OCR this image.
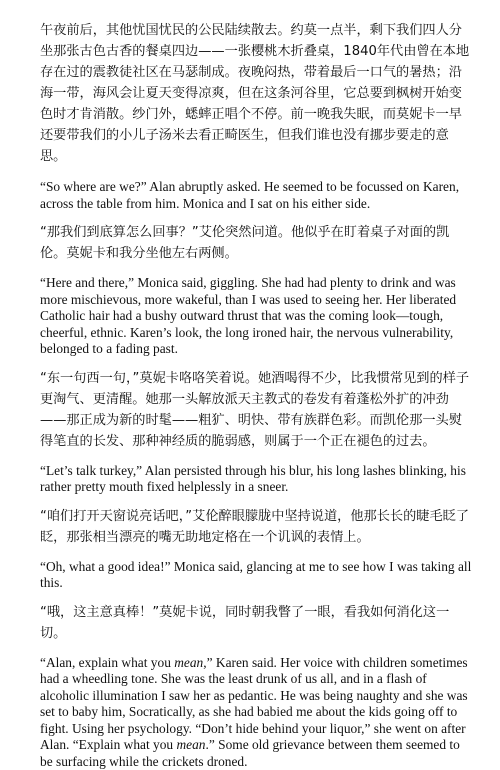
午夜前后，其他忧国忧民的公民陆续散去。约莫一点半，剩下我们四人分坐那张古色古香的餐桌四边——一张樱桃木折叠桌，1840年代由曾在本地存在过的震教徒社区在马瑟制成。夜晚闷热，带着最后一口气的暑热；沿海一带，海风会让夏天变得凉爽，但在这条河谷里，它总要到枫树开始变色时才肯消散。纱门外，蟋蟀正唱个不停。前一晚我失眠，而莫妮卡一早还要带我们的小儿子汤米去看正畸医生，但我们谁也没有挪步要走的意思。

“So where are we?” Alan abruptly asked. He seemed to be focussed on Karen, across the table from him. Monica and I sat on his either side.

“那我们到底算怎么回事？”艾伦突然问道。他似乎在盯着桌子对面的凯伦。莫妮卡和我分坐他左右两侧。

“Here and there,” Monica said, giggling. She had had plenty to drink and was more mischievous, more wakeful, than I was used to seeing her. Her liberated Catholic hair had a bushy outward thrust that was the coming look—tough, cheerful, ethnic. Karen’s look, the long ironed hair, the nervous vulnerability, belonged to a fading past.

“东一句西一句，”莫妮卡咯咯笑着说。她酒喝得不少，比我惯常见到的样子更淘气、更清醒。她那一头解放派天主教式的卷发有着蓬松外扩的冲劲——那正成为新的时髦——粗犷、明快、带有族群色彩。而凯伦那一头熨得笔直的长发、那种神经质的脆弱感，则属于一个正在褪色的过去。

“Let’s talk turkey,” Alan persisted through his blur, his long lashes blinking, his rather pretty mouth fixed helplessly in a sneer.

“咱们打开天窗说亮话吧，”艾伦醉眼朦胧中坚持说道，他那长长的睫毛眨了眨，那张相当漂亮的嘴无助地定格在一个讥讽的表情上。

“Oh, what a good idea!” Monica said, glancing at me to see how I was taking all this.

“哦，这主意真棒！”莫妮卡说，同时朝我瞥了一眼，看我如何消化这一切。

“Alan, explain what you mean,” Karen said. Her voice with children sometimes had a wheedling tone. She was the least drunk of us all, and in a flash of alcoholic illumination I saw her as pedantic. He was being naughty and she was set to baby him, Socratically, as she had babied me about the kids going off to fight. Using her psychology. “Don’t hide behind your liquor,” she went on after Alan. “Explain what you mean.” Some old grievance between them seemed to be surfacing while the crickets droned.
